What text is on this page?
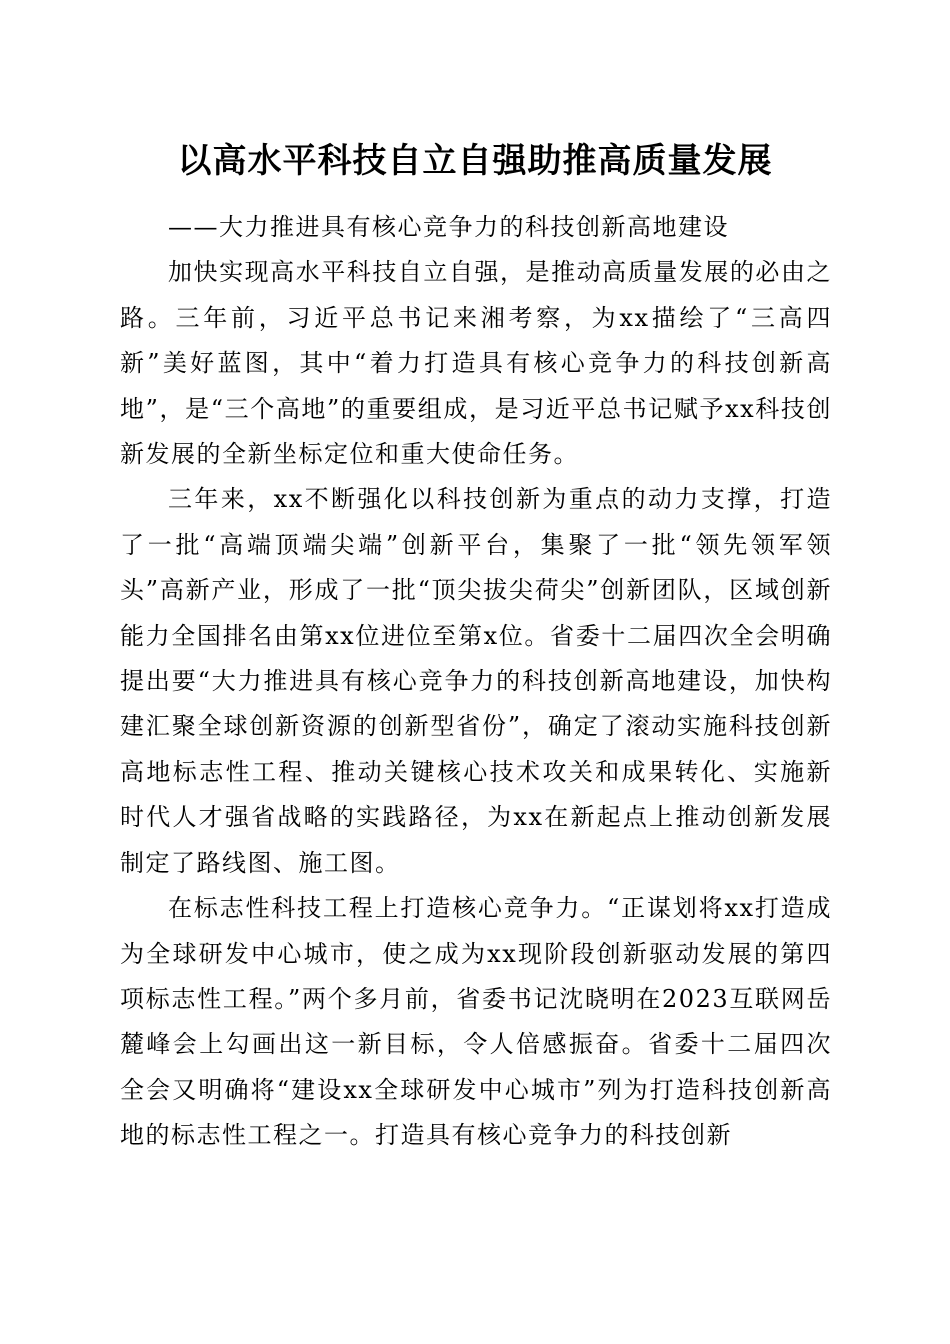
以高水平科技自立自强助推高质量发展

——大力推进具有核心竞争力的科技创新高地建设

加快实现高水平科技自立自强，是推动高质量发展的必由之路。三年前，习近平总书记来湘考察，为xx描绘了“三高四新”美好蓝图，其中“着力打造具有核心竞争力的科技创新高地”，是“三个高地”的重要组成，是习近平总书记赋予xx科技创新发展的全新坐标定位和重大使命任务。

三年来，xx不断强化以科技创新为重点的动力支撑，打造了一批“高端顶端尖端”创新平台，集聚了一批“领先领军领头”高新产业，形成了一批“顶尖拔尖荷尖”创新团队，区域创新能力全国排名由第xx位进位至第x位。省委十二届四次全会明确提出要“大力推进具有核心竞争力的科技创新高地建设，加快构建汇聚全球创新资源的创新型省份”，确定了滚动实施科技创新高地标志性工程、推动关键核心技术攻关和成果转化、实施新时代人才强省战略的实践路径，为xx在新起点上推动创新发展制定了路线图、施工图。

在标志性科技工程上打造核心竞争力。“正谋划将xx打造成为全球研发中心城市，使之成为xx现阶段创新驱动发展的第四项标志性工程。”两个多月前，省委书记沈晓明在2023互联网岳麓峰会上勾画出这一新目标，令人倍感振奋。省委十二届四次全会又明确将“建设xx全球研发中心城市”列为打造科技创新高地的标志性工程之一。打造具有核心竞争力的科技创新
